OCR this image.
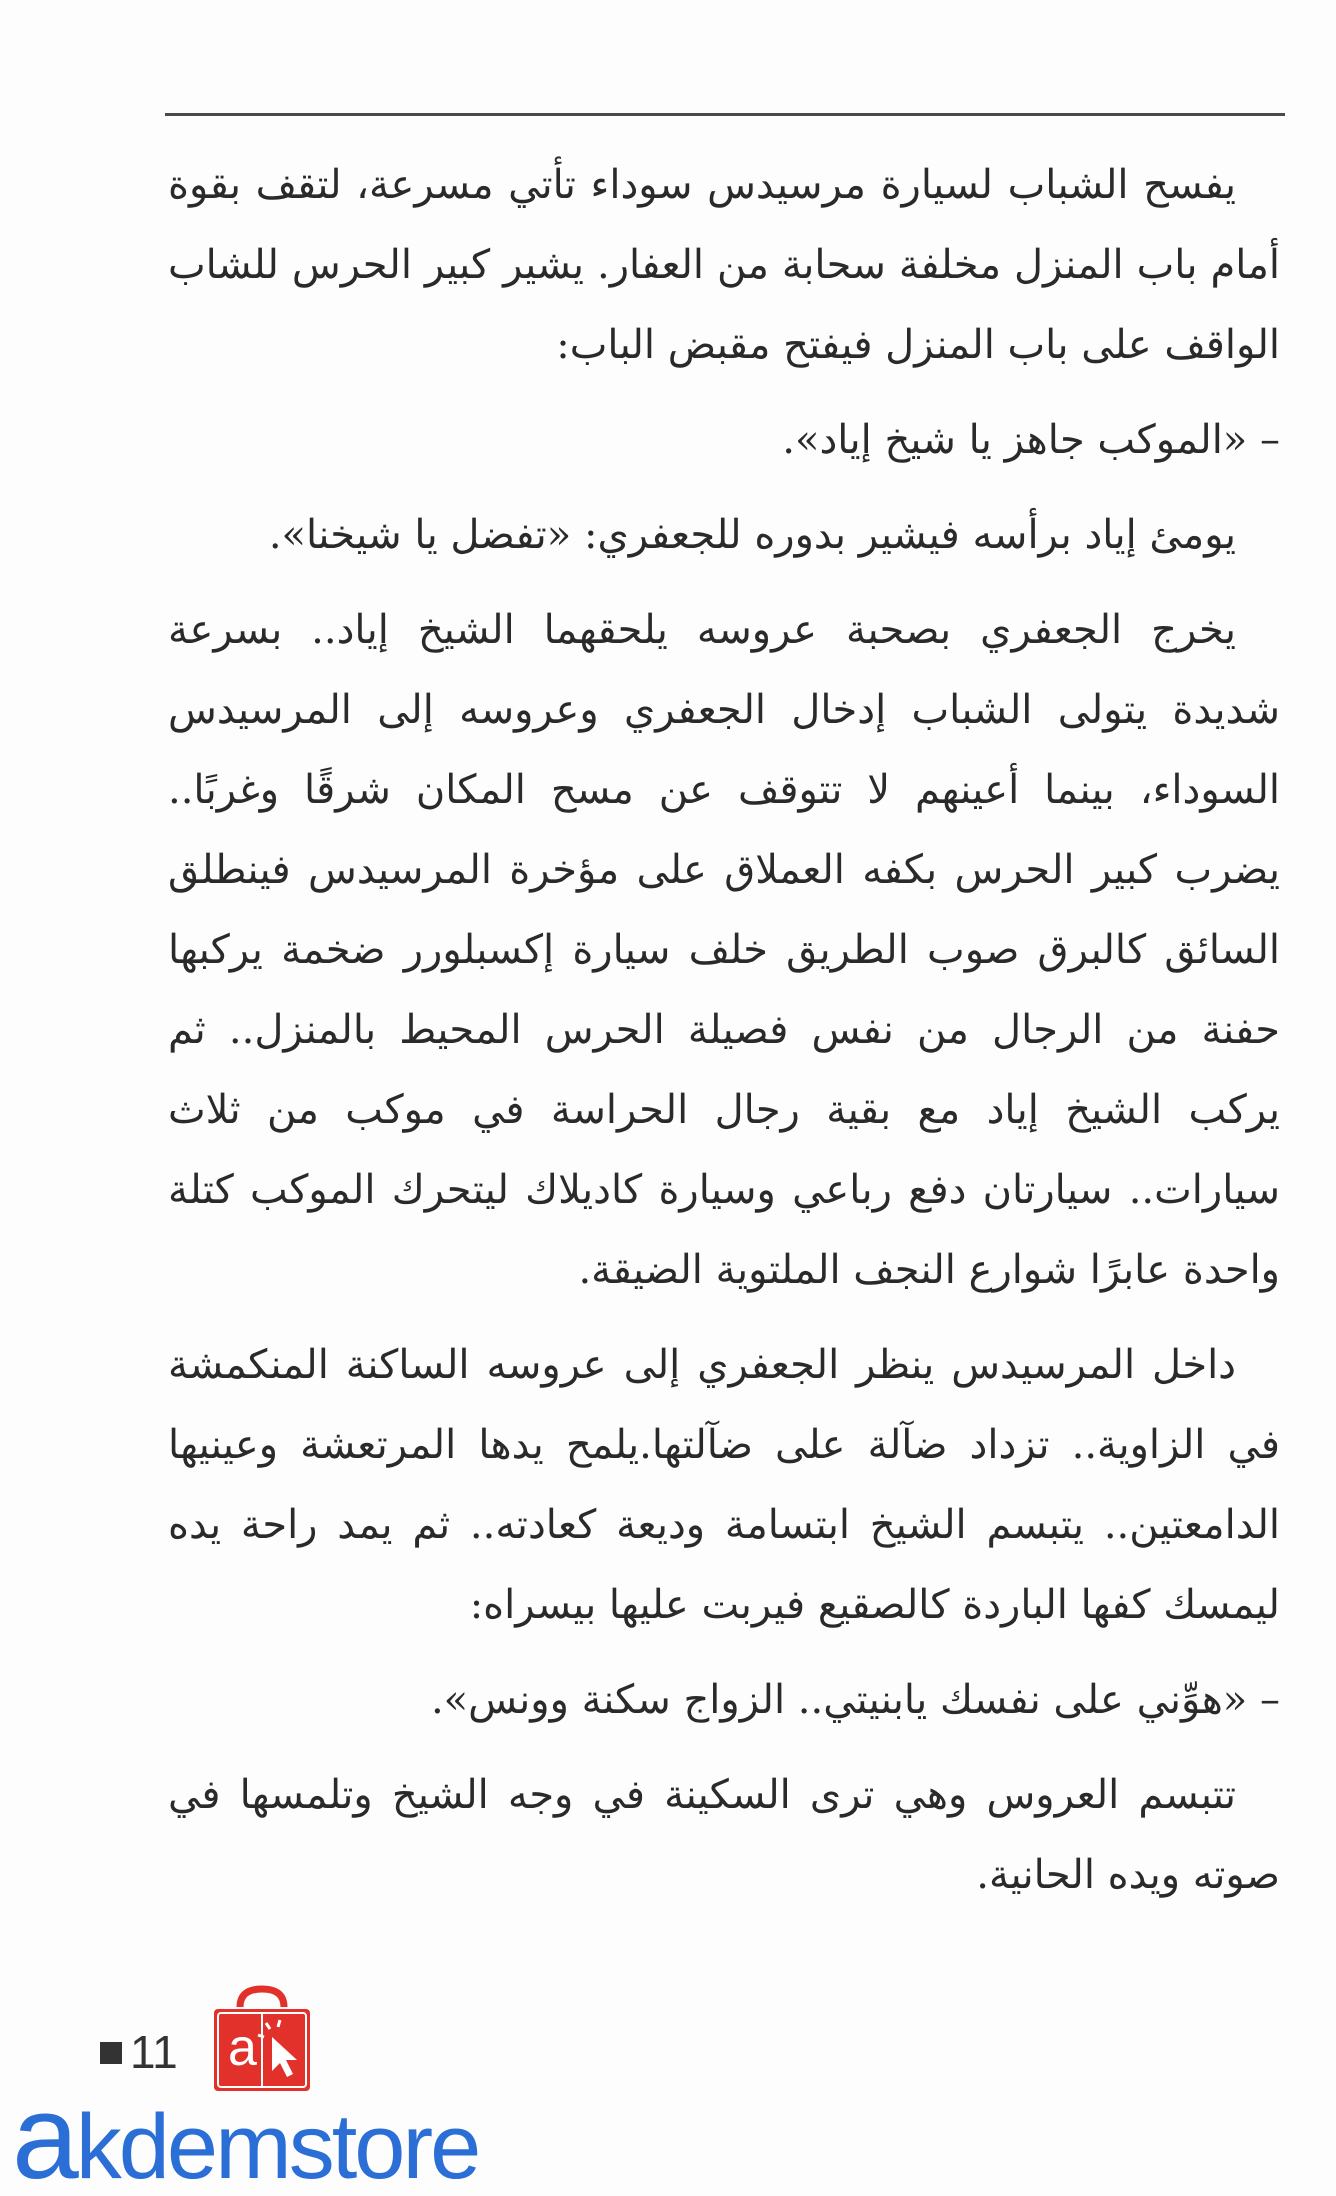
يفسح الشباب لسيارة مرسيدس سوداء تأتي مسرعة، لتقف بقوة أمام باب المنزل مخلفة سحابة من العفار. يشير كبير الحرس للشاب الواقف على باب المنزل فيفتح مقبض الباب:

– «الموكب جاهز يا شيخ إياد».

يومئ إياد برأسه فيشير بدوره للجعفري: «تفضل يا شيخنا».

يخرج الجعفري بصحبة عروسه يلحقهما الشيخ إياد.. بسرعة شديدة يتولى الشباب إدخال الجعفري وعروسه إلى المرسيدس السوداء، بينما أعينهم لا تتوقف عن مسح المكان شرقًا وغربًا.. يضرب كبير الحرس بكفه العملاق على مؤخرة المرسيدس فينطلق السائق كالبرق صوب الطريق خلف سيارة إكسبلورر ضخمة يركبها حفنة من الرجال من نفس فصيلة الحرس المحيط بالمنزل.. ثم يركب الشيخ إياد مع بقية رجال الحراسة في موكب من ثلاث سيارات.. سيارتان دفع رباعي وسيارة كاديلاك ليتحرك الموكب كتلة واحدة عابرًا شوارع النجف الملتوية الضيقة.

داخل المرسيدس ينظر الجعفري إلى عروسه الساكنة المنكمشة في الزاوية.. تزداد ضآلة على ضآلتها.يلمح يدها المرتعشة وعينيها الدامعتين.. يتبسم الشيخ ابتسامة وديعة كعادته.. ثم يمد راحة يده ليمسك كفها الباردة كالصقيع فيربت عليها بيسراه:

– «هوِّني على نفسك يابنيتي.. الزواج سكنة وونس».

تتبسم العروس وهي ترى السكينة في وجه الشيخ وتلمسها في صوته ويده الحانية.

11 a
akdemstore
